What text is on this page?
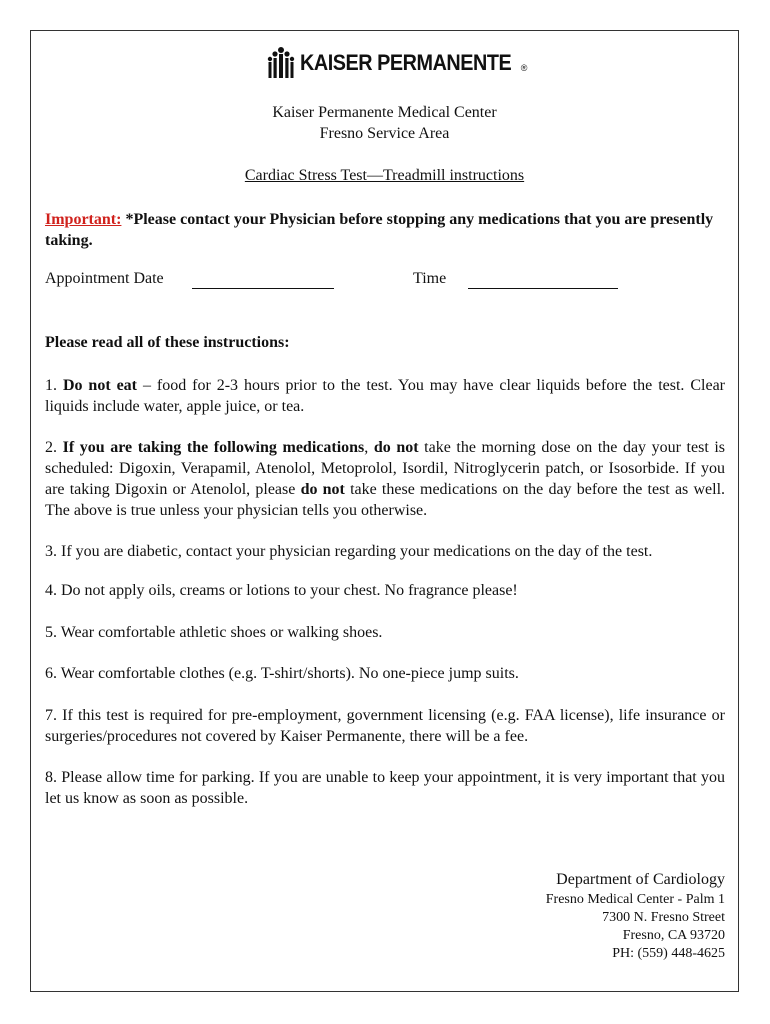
KAISER PERMANENTE ®
Kaiser Permanente Medical Center
Fresno Service Area
Cardiac Stress Test—Treadmill instructions
Important: *Please contact your Physician before stopping any medications that you are presently taking.
Appointment Date	Time
Please read all of these instructions:
1. Do not eat – food for 2-3 hours prior to the test. You may have clear liquids before the test. Clear liquids include water, apple juice, or tea.
2. If you are taking the following medications, do not take the morning dose on the day your test is scheduled: Digoxin, Verapamil, Atenolol, Metoprolol, Isordil, Nitroglycerin patch, or Isosorbide. If you are taking Digoxin or Atenolol, please do not take these medications on the day before the test as well. The above is true unless your physician tells you otherwise.
3. If you are diabetic, contact your physician regarding your medications on the day of the test.
4. Do not apply oils, creams or lotions to your chest. No fragrance please!
5. Wear comfortable athletic shoes or walking shoes.
6. Wear comfortable clothes (e.g. T-shirt/shorts). No one-piece jump suits.
7. If this test is required for pre-employment, government licensing (e.g. FAA license), life insurance or surgeries/procedures not covered by Kaiser Permanente, there will be a fee.
8. Please allow time for parking. If you are unable to keep your appointment, it is very important that you let us know as soon as possible.
Department of Cardiology
Fresno Medical Center - Palm 1
7300 N. Fresno Street
Fresno, CA 93720
PH: (559) 448-4625
